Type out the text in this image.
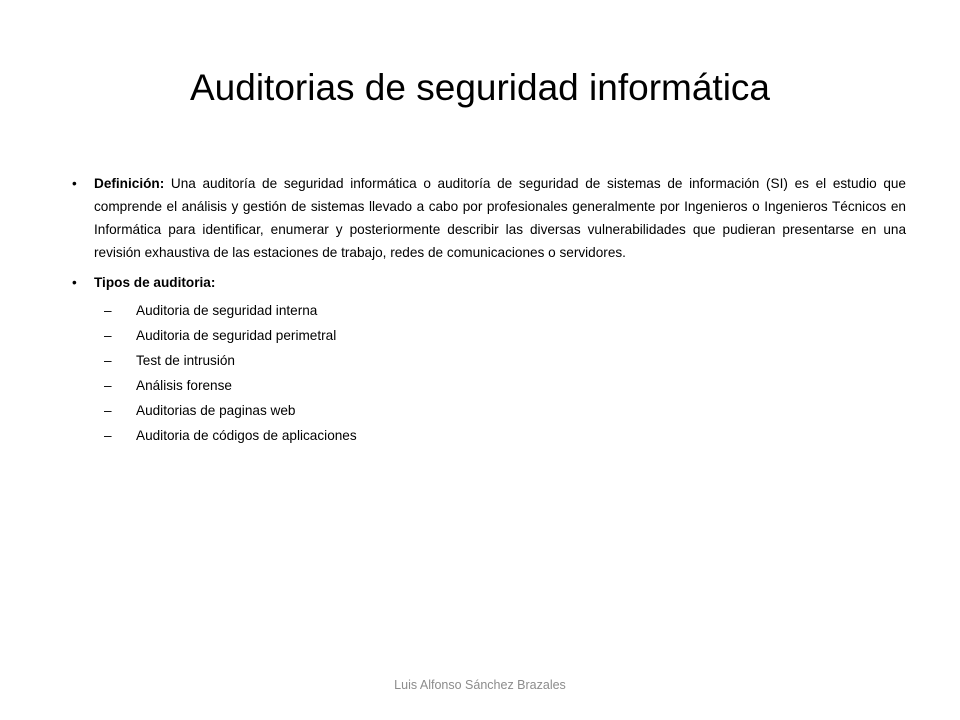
Auditorias de seguridad informática
•	Definición: Una auditoría de seguridad informática o auditoría de seguridad de sistemas de información (SI) es el estudio que comprende el análisis y gestión de sistemas llevado a cabo por profesionales generalmente por Ingenieros o Ingenieros Técnicos en Informática para identificar, enumerar y posteriormente describir las diversas vulnerabilidades que pudieran presentarse en una revisión exhaustiva de las estaciones de trabajo, redes de comunicaciones o servidores.
•	Tipos de auditoria:
–	Auditoria de seguridad interna
–	Auditoria de seguridad perimetral
–	Test de intrusión
–	Análisis forense
–	Auditorias de paginas web
–	Auditoria de códigos de aplicaciones
Luis Alfonso Sánchez Brazales
